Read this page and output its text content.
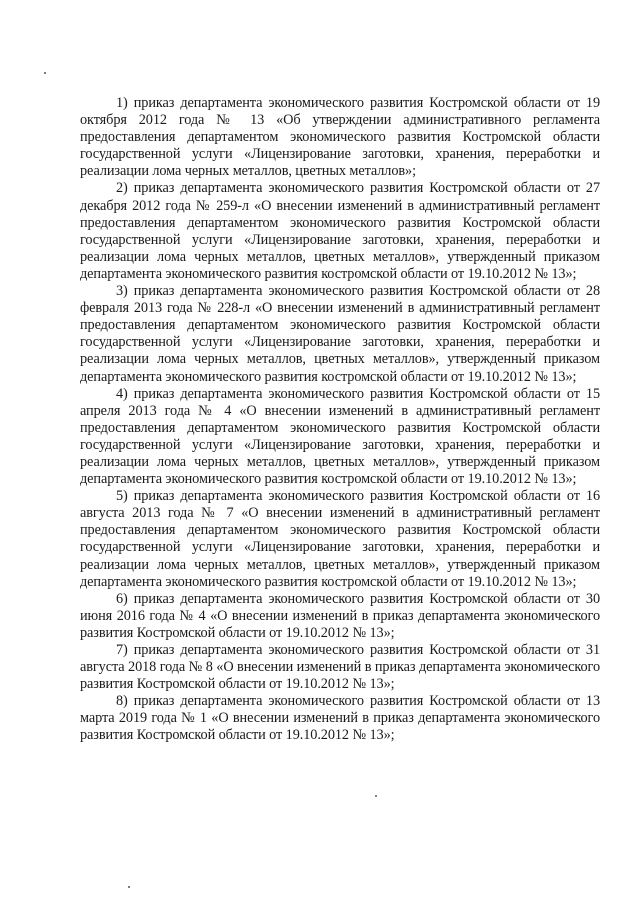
1) приказ департамента экономического развития Костромской области от 19 октября 2012 года № 13 «Об утверждении административного регламента предоставления департаментом экономического развития Костромской области государственной услуги «Лицензирование заготовки, хранения, переработки и реализации лома черных металлов, цветных металлов»;

2) приказ департамента экономического развития Костромской области от 27 декабря 2012 года № 259-л «О внесении изменений в административный регламент предоставления департаментом экономического развития Костромской области государственной услуги «Лицензирование заготовки, хранения, переработки и реализации лома черных металлов, цветных металлов», утвержденный приказом департамента экономического развития костромской области от 19.10.2012 № 13»;

3) приказ департамента экономического развития Костромской области от 28 февраля 2013 года № 228-л «О внесении изменений в административный регламент предоставления департаментом экономического развития Костромской области государственной услуги «Лицензирование заготовки, хранения, переработки и реализации лома черных металлов, цветных металлов», утвержденный приказом департамента экономического развития костромской области от 19.10.2012 № 13»;

4) приказ департамента экономического развития Костромской области от 15 апреля 2013 года № 4 «О внесении изменений в административный регламент предоставления департаментом экономического развития Костромской области государственной услуги «Лицензирование заготовки, хранения, переработки и реализации лома черных металлов, цветных металлов», утвержденный приказом департамента экономического развития костромской области от 19.10.2012 № 13»;

5) приказ департамента экономического развития Костромской области от 16 августа 2013 года № 7 «О внесении изменений в административный регламент предоставления департаментом экономического развития Костромской области государственной услуги «Лицензирование заготовки, хранения, переработки и реализации лома черных металлов, цветных металлов», утвержденный приказом департамента экономического развития костромской области от 19.10.2012 № 13»;

6) приказ департамента экономического развития Костромской области от 30 июня 2016 года № 4 «О внесении изменений в приказ департамента экономического развития Костромской области от 19.10.2012 № 13»;

7) приказ департамента экономического развития Костромской области от 31 августа 2018 года № 8 «О внесении изменений в приказ департамента экономического развития Костромской области от 19.10.2012 № 13»;

8) приказ департамента экономического развития Костромской области от 13 марта 2019 года № 1 «О внесении изменений в приказ департамента экономического развития Костромской области от 19.10.2012 № 13»;
